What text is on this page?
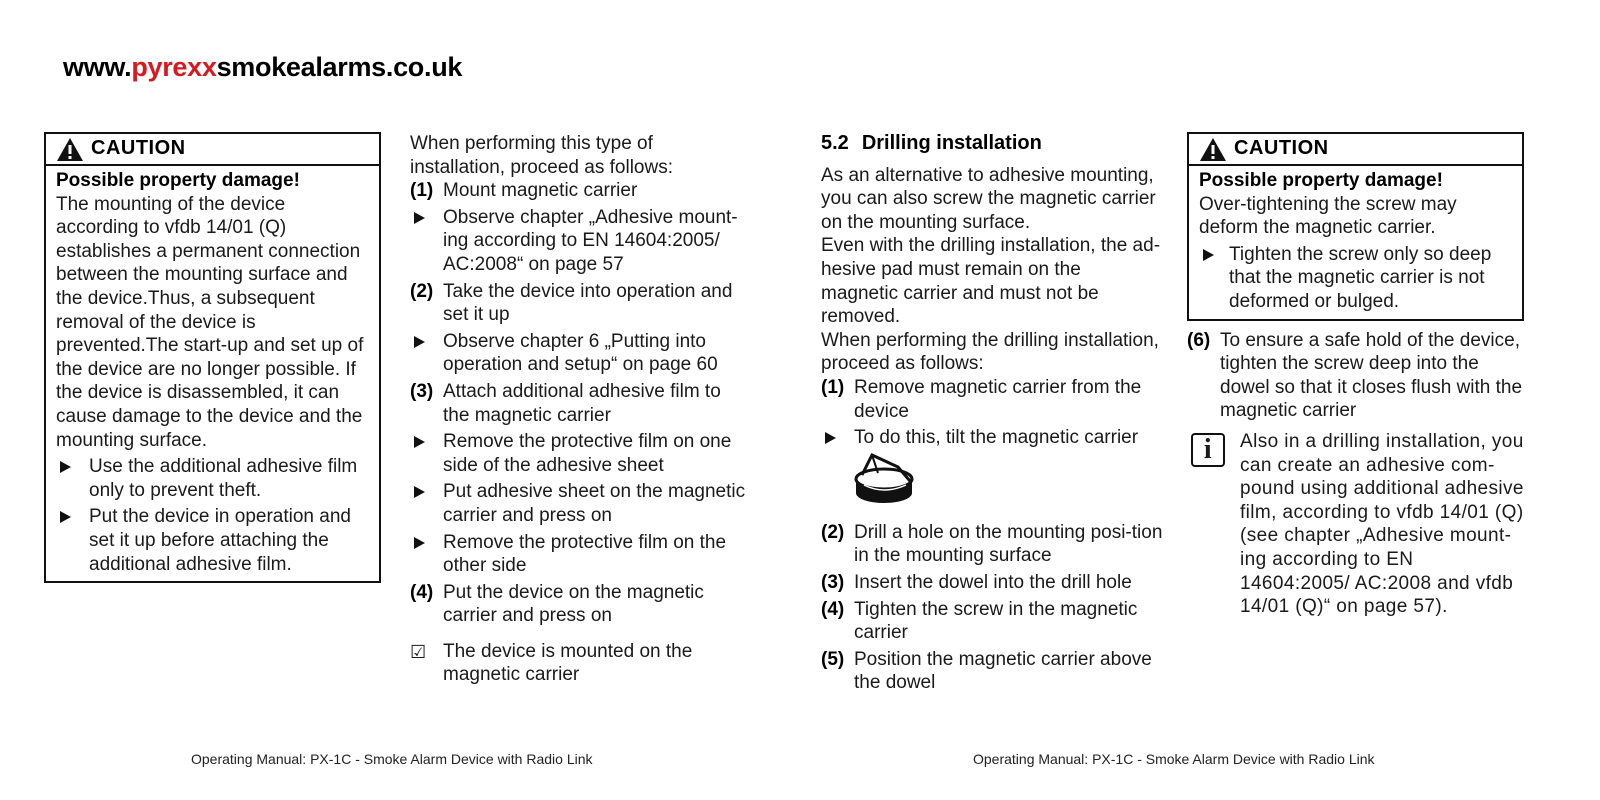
www.pyrexxsmokealarms.co.uk
CAUTION
Possible property damage!
The mounting of the device according to vfdb 14/01 (Q) establishes a permanent connection between the mounting surface and the device.Thus, a subsequent removal of the device is prevented.The start-up and set up of the device are no longer possible. If the device is disassembled, it can cause damage to the device and the mounting surface.
Use the additional adhesive film only to prevent theft.
Put the device in operation and set it up before attaching the additional adhesive film.
When performing this type of installation, proceed as follows:
(1) Mount magnetic carrier
Observe chapter „Adhesive mount-ing according to EN 14604:2005/ AC:2008“ on page 57
(2) Take the device into operation and set it up
Observe chapter 6 „Putting into operation and setup“ on page 60
(3) Attach additional adhesive film to the magnetic carrier
Remove the protective film on one side of the adhesive sheet
Put adhesive sheet on the magnetic carrier and press on
Remove the protective film on the other side
(4) Put the device on the magnetic carrier and press on
☑ The device is mounted on the magnetic carrier
5.2 Drilling installation
As an alternative to adhesive mounting, you can also screw the magnetic carrier on the mounting surface.
Even with the drilling installation, the ad-hesive pad must remain on the magnetic carrier and must not be removed.
When performing the drilling installation, proceed as follows:
(1) Remove magnetic carrier from the device
To do this, tilt the magnetic carrier
(2) Drill a hole on the mounting posi-tion in the mounting surface
(3) Insert the dowel into the drill hole
(4) Tighten the screw in the magnetic carrier
(5) Position the magnetic carrier above the dowel
CAUTION
Possible property damage!
Over-tightening the screw may deform the magnetic carrier.
Tighten the screw only so deep that the magnetic carrier is not deformed or bulged.
(6) To ensure a safe hold of the device, tighten the screw deep into the dowel so that it closes flush with the magnetic carrier
i	Also in a drilling installation, you can create an adhesive com-pound using additional adhesive film, according to vfdb 14/01 (Q) (see chapter „Adhesive mount-ing according to EN 14604:2005/ AC:2008 and vfdb 14/01 (Q)“ on page 57).
Operating Manual: PX-1C - Smoke Alarm Device with Radio Link	Operating Manual: PX-1C - Smoke Alarm Device with Radio Link
